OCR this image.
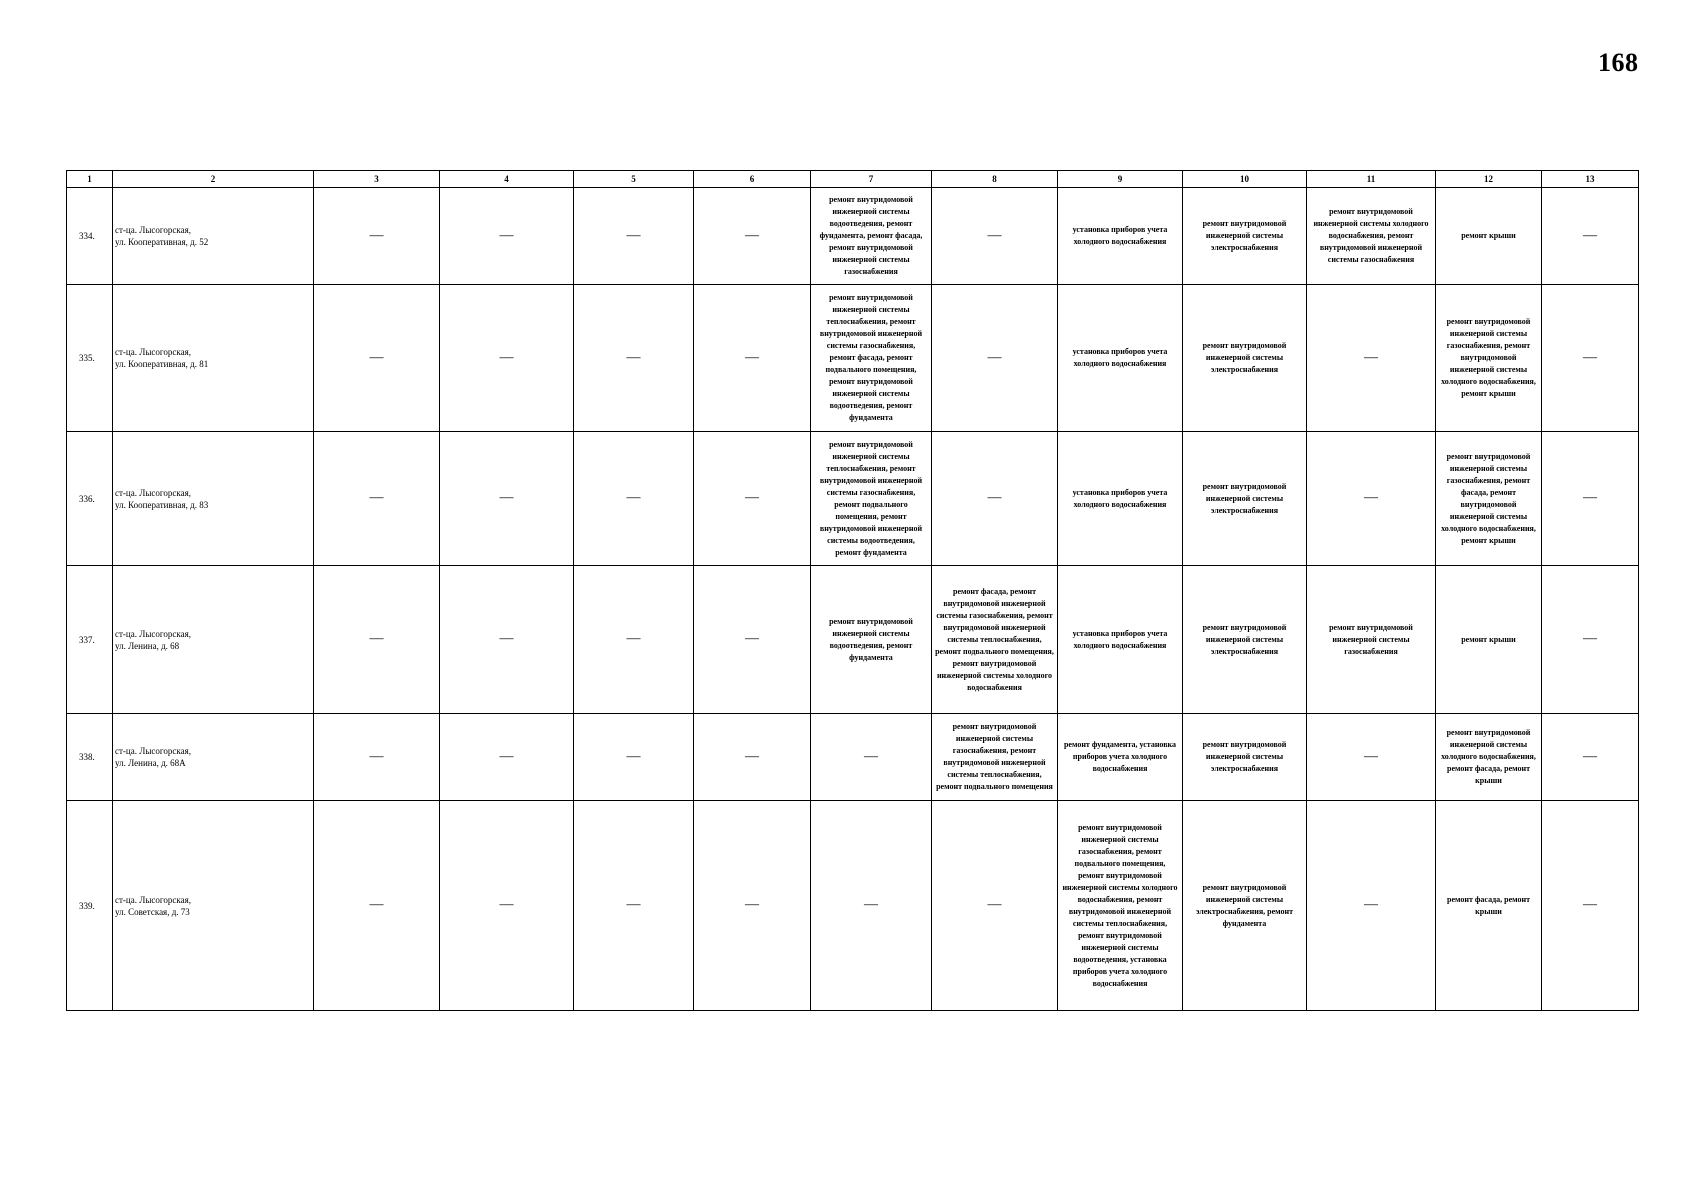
168
1	2	3	4	5	6	7	8	9	10	11	12	13
334.	ст-ца. Лысогорская,
ул. Кооперативная, д. 52	—	—	—	—	ремонт внутридомовой инженерной системы водоотведения, ремонт фундамента, ремонт фасада, ремонт внутридомовой инженерной системы газоснабжения	—	установка приборов учета холодного водоснабжения	ремонт внутридомовой инженерной системы электроснабжения	ремонт внутридомовой инженерной системы холодного водоснабжения, ремонт внутридомовой инженерной системы газоснабжения	ремонт крыши	—
335.	ст-ца. Лысогорская,
ул. Кооперативная, д. 81	—	—	—	—	ремонт внутридомовой инженерной системы теплоснабжения, ремонт внутридомовой инженерной системы газоснабжения, ремонт фасада, ремонт подвального помещения, ремонт внутридомовой инженерной системы водоотведения, ремонт фундамента	—	установка приборов учета холодного водоснабжения	ремонт внутридомовой инженерной системы электроснабжения	—	ремонт внутридомовой инженерной системы газоснабжения, ремонт внутридомовой инженерной системы холодного водоснабжения, ремонт крыши	—
336.	ст-ца. Лысогорская,
ул. Кооперативная, д. 83	—	—	—	—	ремонт внутридомовой инженерной системы теплоснабжения, ремонт внутридомовой инженерной системы газоснабжения, ремонт подвального помещения, ремонт внутридомовой инженерной системы водоотведения, ремонт фундамента	—	установка приборов учета холодного водоснабжения	ремонт внутридомовой инженерной системы электроснабжения	—	ремонт внутридомовой инженерной системы газоснабжения, ремонт фасада, ремонт внутридомовой инженерной системы холодного водоснабжения, ремонт крыши	—
337.	ст-ца. Лысогорская,
ул. Ленина, д. 68	—	—	—	—	ремонт внутридомовой инженерной системы водоотведения, ремонт фундамента	ремонт фасада, ремонт внутридомовой инженерной системы газоснабжения, ремонт внутридомовой инженерной системы теплоснабжения, ремонт подвального помещения, ремонт внутридомовой инженерной системы холодного водоснабжения	установка приборов учета холодного водоснабжения	ремонт внутридомовой инженерной системы электроснабжения	ремонт внутридомовой инженерной системы газоснабжения	ремонт крыши	—
338.	ст-ца. Лысогорская,
ул. Ленина, д. 68А	—	—	—	—	—	ремонт внутридомовой инженерной системы газоснабжения, ремонт внутридомовой инженерной системы теплоснабжения, ремонт подвального помещения	ремонт фундамента, установка приборов учета холодного водоснабжения	ремонт внутридомовой инженерной системы электроснабжения	—	ремонт внутридомовой инженерной системы холодного водоснабжения, ремонт фасада, ремонт крыши	—
339.	ст-ца. Лысогорская,
ул. Советская, д. 73	—	—	—	—	—	—	ремонт внутридомовой инженерной системы газоснабжения, ремонт подвального помещения, ремонт внутридомовой инженерной системы холодного водоснабжения, ремонт внутридомовой инженерной системы теплоснабжения, ремонт внутридомовой инженерной системы водоотведения, установка приборов учета холодного водоснабжения	ремонт внутридомовой инженерной системы электроснабжения, ремонт фундамента	—	ремонт фасада, ремонт крыши	—
